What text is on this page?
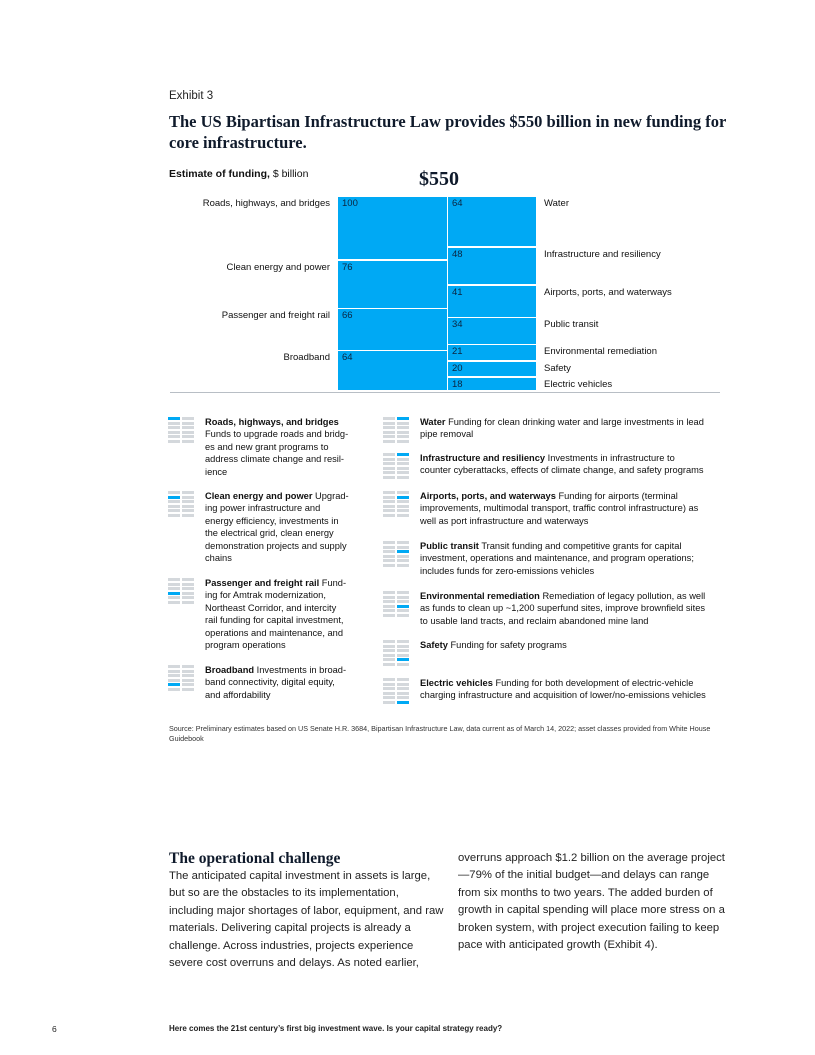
Exhibit 3
The US Bipartisan Infrastructure Law provides $550 billion in new funding for core infrastructure.
Estimate of funding, $ billion	$550
100
Roads, highways, and bridges
76
Clean energy and power
66
Passenger and freight rail
64
Broadband
64	Water
48	Infrastructure and resiliency
41	Airports, ports, and waterways
34	Public transit
21	Environmental remediation
20	Safety
18	Electric vehicles
Roads, highways, and bridges
Funds to upgrade roads and bridg-
es and new grant programs to
address climate change and resil-
ience
Clean energy and power Upgrad-
ing power infrastructure and
energy efficiency, investments in
the electrical grid, clean energy
demonstration projects and supply
chains
Passenger and freight rail Fund-
ing for Amtrak modernization,
Northeast Corridor, and intercity
rail funding for capital investment,
operations and maintenance, and
program operations
Broadband Investments in broad-
band connectivity, digital equity,
and affordability
Water Funding for clean drinking water and large investments in lead
pipe removal
Infrastructure and resiliency Investments in infrastructure to
counter cyberattacks, effects of climate change, and safety programs
Airports, ports, and waterways Funding for airports (terminal
improvements, multimodal transport, traffic control infrastructure) as
well as port infrastructure and waterways
Public transit Transit funding and competitive grants for capital
investment, operations and maintenance, and program operations;
includes funds for zero-emissions vehicles
Environmental remediation Remediation of legacy pollution, as well
as funds to clean up ~1,200 superfund sites, improve brownfield sites
to usable land tracts, and reclaim abandoned mine land
Safety Funding for safety programs
Electric vehicles Funding for both development of electric-vehicle
charging infrastructure and acquisition of lower/no-emissions vehicles
Source: Preliminary estimates based on US Senate H.R. 3684, Bipartisan Infrastructure Law, data current as of March 14, 2022; asset classes provided from White House Guidebook
The operational challenge
The anticipated capital investment in assets is large, but so are the obstacles to its implementation, including major shortages of labor, equipment, and raw materials. Delivering capital projects is already a challenge. Across industries, projects experience severe cost overruns and delays. As noted earlier,
overruns approach $1.2 billion on the average project—79% of the initial budget—and delays can range from six months to two years. The added burden of growth in capital spending will place more stress on a broken system, with project execution failing to keep pace with anticipated growth (Exhibit 4).
6	Here comes the 21st century’s first big investment wave. Is your capital strategy ready?
